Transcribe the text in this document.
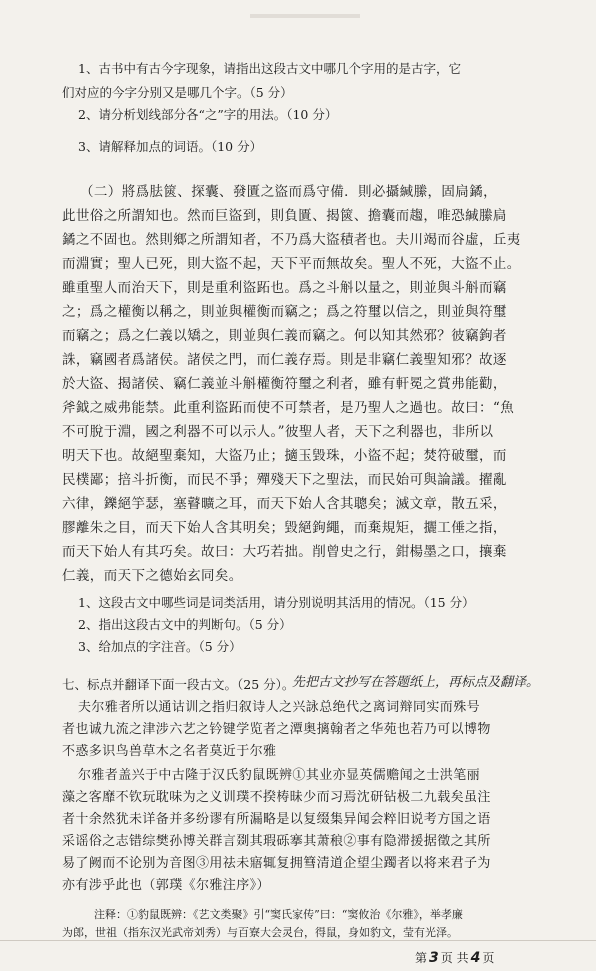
1、古书中有古今字现象，请指出这段古文中哪几个字用的是古字，它
们对应的今字分别又是哪几个字。（5 分）
2、请分析划线部分各“之”字的用法。（10 分）
3、请解释加点的词语。（10 分）
（二）將爲胠篋、探囊、發匱之盜而爲守備．則必攝緘縢，固扃鐍，
此世俗之所謂知也。然而巨盜到，則負匱、揭篋、擔囊而趨，唯恐緘縢扃
鐍之不固也。然則鄉之所謂知者，不乃爲大盜積者也。夫川竭而谷虛，丘夷
而淵實；聖人已死，則大盜不起，天下平而無故矣。聖人不死，大盜不止。
雖重聖人而治天下，則是重利盜跖也。爲之斗斛以量之，則並與斗斛而竊
之；爲之權衡以稱之，則並與權衡而竊之；爲之符璽以信之，則並與符璽
而竊之；爲之仁義以矯之，則並與仁義而竊之。何以知其然邪？彼竊鉤者
誅，竊國者爲諸侯。諸侯之門，而仁義存焉。則是非竊仁義聖知邪？故逐
於大盜、揭諸侯、竊仁義並斗斛權衡符璽之利者，雖有軒冕之賞弗能勸，
斧鉞之威弗能禁。此重利盜跖而使不可禁者，是乃聖人之過也。故曰：“魚
不可脫于淵，國之利器不可以示人。”彼聖人者，天下之利器也，非所以
明天下也。故絕聖棄知，大盜乃止；擿玉毀珠，小盜不起；焚符破璽，而
民樸鄙；掊斗折衡，而民不爭；殫殘天下之聖法，而民始可與論議。擢亂
六律，鑠絕竽瑟，塞瞽曠之耳，而天下始人含其聰矣；滅文章，散五采，
膠離朱之目，而天下始人含其明矣；毀絕鉤繩，而棄規矩，攦工倕之指，
而天下始人有其巧矣。故曰：大巧若拙。削曾史之行，鉗楊墨之口，攘棄
仁義，而天下之德始玄同矣。
1、这段古文中哪些词是词类活用，请分别说明其活用的情况。（15 分）
2、指出这段古文中的判断句。（5 分）
3、给加点的字注音。（5 分）
七、标点并翻译下面一段古文。（25 分）。
先把古文抄写在答题纸上，再标点及翻译。
夫尔雅者所以通诂训之指归叙诗人之兴詠总绝代之离词辩同实而殊号
者也诚九流之津涉六艺之钤键学览者之潭奥摛翰者之华苑也若乃可以博物
不惑多识鸟兽草木之名者莫近于尔雅
尔雅者盖兴于中古隆于汉氏豹鼠既辨①其业亦显英儒赡闻之士洪笔丽
藻之客靡不钦玩耽味为之义训璞不揆梼昧少而习焉沈研钻极二九载矣虽注
者十余然犹未详备并多纷谬有所漏略是以复缀集异闻会粹旧说考方国之语
采谣俗之志错综樊孙博关群言剟其瑕砾搴其萧稂②事有隐滞援据徵之其所
易了阙而不论别为音图③用祛未寤辄复拥篲清道企望尘躅者以将来君子为
亦有涉乎此也（郭璞《尔雅注序》）
注释：①豹鼠既辨：《艺文类聚》引“窦氏家传”曰：“窦攸治《尔雅》，举孝廉
为郎，世祖（指东汉光武帝刘秀）与百寮大会灵台，得鼠，身如豹文，莹有光泽。
第 3 页 共 4 页
